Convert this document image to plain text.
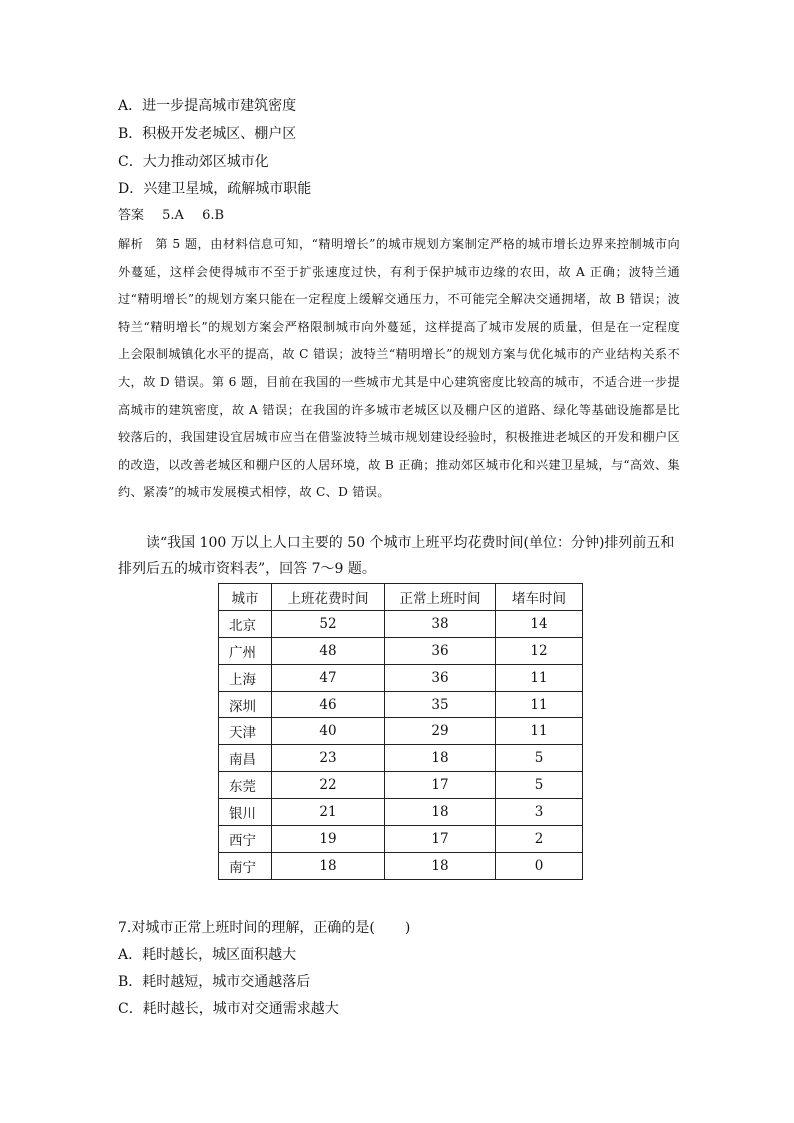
A．进一步提高城市建筑密度
B．积极开发老城区、棚户区
C．大力推动郊区城市化
D．兴建卫星城，疏解城市职能
答案 5.A 6.B
解析 第 5 题，由材料信息可知，“精明增长”的城市规划方案制定严格的城市增长边界来控制城市向外蔓延，这样会使得城市不至于扩张速度过快，有利于保护城市边缘的农田，故 A 正确；波特兰通过“精明增长”的规划方案只能在一定程度上缓解交通压力，不可能完全解决交通拥堵，故 B 错误；波特兰“精明增长”的规划方案会严格限制城市向外蔓延，这样提高了城市发展的质量，但是在一定程度上会限制城镇化水平的提高，故 C 错误；波特兰“精明增长”的规划方案与优化城市的产业结构关系不大，故 D 错误。第 6 题，目前在我国的一些城市尤其是中心建筑密度比较高的城市，不适合进一步提高城市的建筑密度，故 A 错误；在我国的许多城市老城区以及棚户区的道路、绿化等基础设施都是比较落后的，我国建设宜居城市应当在借鉴波特兰城市规划建设经验时，积极推进老城区的开发和棚户区的改造，以改善老城区和棚户区的人居环境，故 B 正确；推动郊区城市化和兴建卫星城，与“高效、集约、紧凑”的城市发展模式相悖，故 C、D 错误。
读“我国 100 万以上人口主要的 50 个城市上班平均花费时间(单位：分钟)排列前五和排列后五的城市资料表”，回答 7～9 题。
城市	上班花费时间	正常上班时间	堵车时间
北京	52	38	14
广州	48	36	12
上海	47	36	11
深圳	46	35	11
天津	40	29	11
南昌	23	18	5
东莞	22	17	5
银川	21	18	3
西宁	19	17	2
南宁	18	18	0
7.对城市正常上班时间的理解，正确的是( )
A．耗时越长，城区面积越大
B．耗时越短，城市交通越落后
C．耗时越长，城市对交通需求越大
